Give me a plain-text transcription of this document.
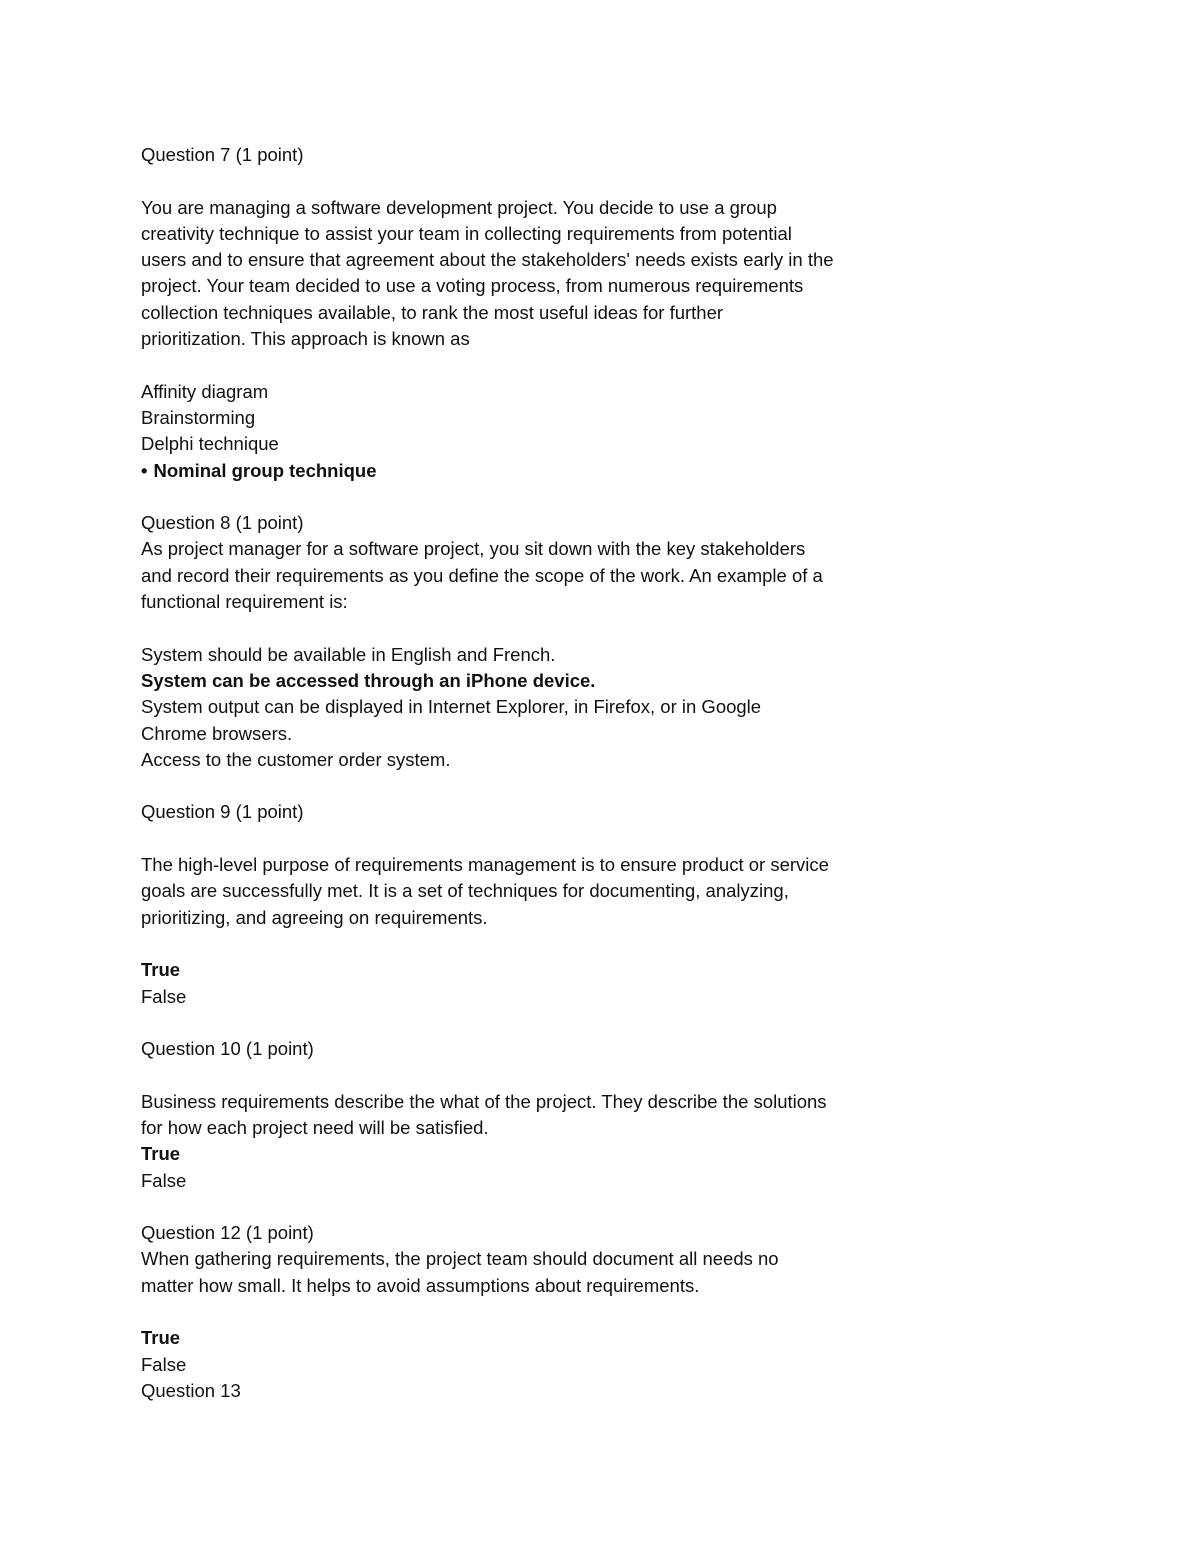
Question 7 (1 point)
You are managing a software development project. You decide to use a group
creativity technique to assist your team in collecting requirements from potential
users and to ensure that agreement about the stakeholders' needs exists early in the
project. Your team decided to use a voting process, from numerous requirements
collection techniques available, to rank the most useful ideas for further
prioritization. This approach is known as
Affinity diagram
Brainstorming
Delphi technique
• Nominal group technique
Question 8 (1 point)
As project manager for a software project, you sit down with the key stakeholders
and record their requirements as you define the scope of the work. An example of a
functional requirement is:
System should be available in English and French.
System can be accessed through an iPhone device.
System output can be displayed in Internet Explorer, in Firefox, or in Google
Chrome browsers.
Access to the customer order system.
Question 9 (1 point)
The high-level purpose of requirements management is to ensure product or service
goals are successfully met. It is a set of techniques for documenting, analyzing,
prioritizing, and agreeing on requirements.
True
False
Question 10 (1 point)
Business requirements describe the what of the project. They describe the solutions
for how each project need will be satisfied.
True
False
Question 12 (1 point)
When gathering requirements, the project team should document all needs no
matter how small. It helps to avoid assumptions about requirements.
True
False
Question 13
